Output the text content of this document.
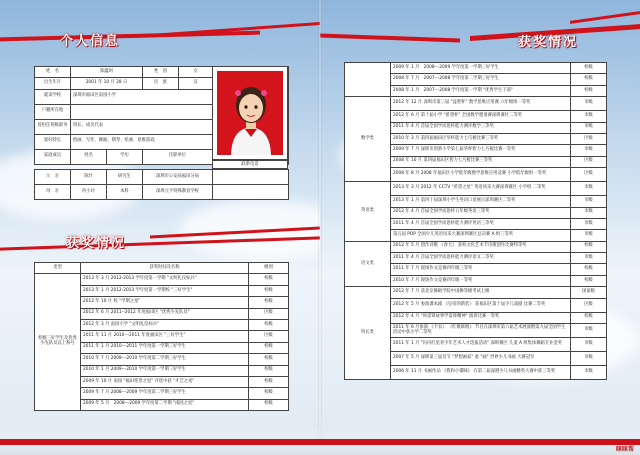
个人信息
姓　名	陈蕴珂		性　别	女	
出生年月	2001 年 10 月 28 日		民　族	汉	
就读学校	深圳市福田区南园小学				
户籍所在地					
曾担任班级职务	班长、成员代表				
爱好特长	绘画、写作、舞蹈、钢琴、绘画、思维游戏				
家庭成员	姓名	学历	任职单位		

父　亲	陈竹	研究生	深圳市公安局福田分局	
母　亲	何小玲	本科	深圳元平特殊教育学校	
联系电话
获奖情况
类型	获奖时间及名称	级别
校级三好学生及优秀少先队员以上称号	2013 年 3 月 2012-2013 学年度第一学期 "文明礼仪标兵"	校级
	2013 年 1 月 2012-2013 学年度第一学期校 "三好学生"	校级
	2012 年 10 月 校 "学期之星"	校级
	2012 年 6 月 2011--2012 年度福田区 "优秀少先队员"	区级
	2012 年 3 月 南园小学 "文明礼仪标兵"	校级
	2011 年 11 月 2010---2011 年度福田区 "三好学生"	区级
	2011 年 1 月 2010---2011 学年度第一学期三好学生	校级
	2010 年 7 月 2009---2010 学年度第二学期三好学生	校级
	2010 年 1 月 2009---2010 学年度第一学期三好学生	校级
	2009 年 10 月 南园 "福田慈善之星" 评选中获 "才艺之星"	校级
	2009 年 7 月 2008---2009 学年度第二学期三好学生	校级
	2009 年 5 月　2008---2009 学年度第二学期 "南园之星"	校级
获奖情况
	2009 年 1 月　2008---2009 学年度第一学期三好学生	校级
	2008 年 7 月　2007---2008 学年度第二学期三好学生	校级
	2008 年 1 月　2007---2008 学年度第一学期 "优秀学生干部"	校级
数学类	2012 年 12 月 深圳市第三届 "益智杯" 数学思维应用赛 六年级组一等奖	市级
	2012 年 6 月 第十届小学 "希望杯" 全国数学邀请赛深圳赛区二等奖	市级
	2011 年 4 月 首届全国学而思杯能力测评数学三等奖	市级
	2010 年 3 月 第四届福田区华杯能力七巧板比赛三等奖	区级
	2009 年 7 月 深圳市创新小学第七届华杯智力七巧板比赛一等奖	市级
	2008 年 10 月 第四届福田区智力七巧板比赛三等奖	区级
	2008 年 8 月 2008 年福田区小学低年级数学思维应用竞赛 小学低年级组一等奖	区级
英语类	2013 年 3 月 2012 年 CCTV "希望之星" 英语风采大赛深圳赛区 小学组 二等奖	市级
	2013 年 1 月 第四十届深圳小学生英语口语展示深圳赛区二等奖	市级
	2012 年 4 月 首届全国学而思杯五年级英语三等奖	市级
	2011 年 4 月 首届全国学而思杯能力测评英语三等奖	市级
	第五届 POP 全国少儿英语风采大赛深圳赛区总决赛 A 组三等奖	市级
语文类	2012 年 5 月 创作诗歌 《春天》 获校文化艺术节诗歌创作比赛特等奖	校级
	2011 年 4 月 首届全国学而思杯能力测评语文二等奖	市级
	2011 年 7 月 现场作文竞赛四年级三等奖	校级
	2010 年 7 月 现场作文竞赛四年级一等奖	校级
特长类	2012 年 7 月 获北京舞蹈学院中国舞等级考试七级	国家级
	2012 年 5 月 参演课本剧 《皇帝的新装》 获福田区第十届少儿戏剧 比赛二等奖	区级
	2012 年 4 月 "讲雷锋故事学雷锋精神" 演讲比赛一等奖	校级
	2011 年 6 月参演 《卡农》 《红歌联唱》 节目在深圳市第六届艺术展演暨第九届全国学生 活动中获小学二等奖	市级
	2011 年 1 月 "闪闪红星青少年艺术人才选拔活动" 深圳赛区 儿童 A 组集体舞蹈专业金奖	市级
	2007 年 5 月 深圳第三届首节 "梦想画家" 童 "画" 世界少儿书画 大赛冠军	市级
	2006 年 11 月 书画作品 《我和小猫咪》 在第二届深港少儿书画精英大赛中获三等奖	市级
咪咪帮
